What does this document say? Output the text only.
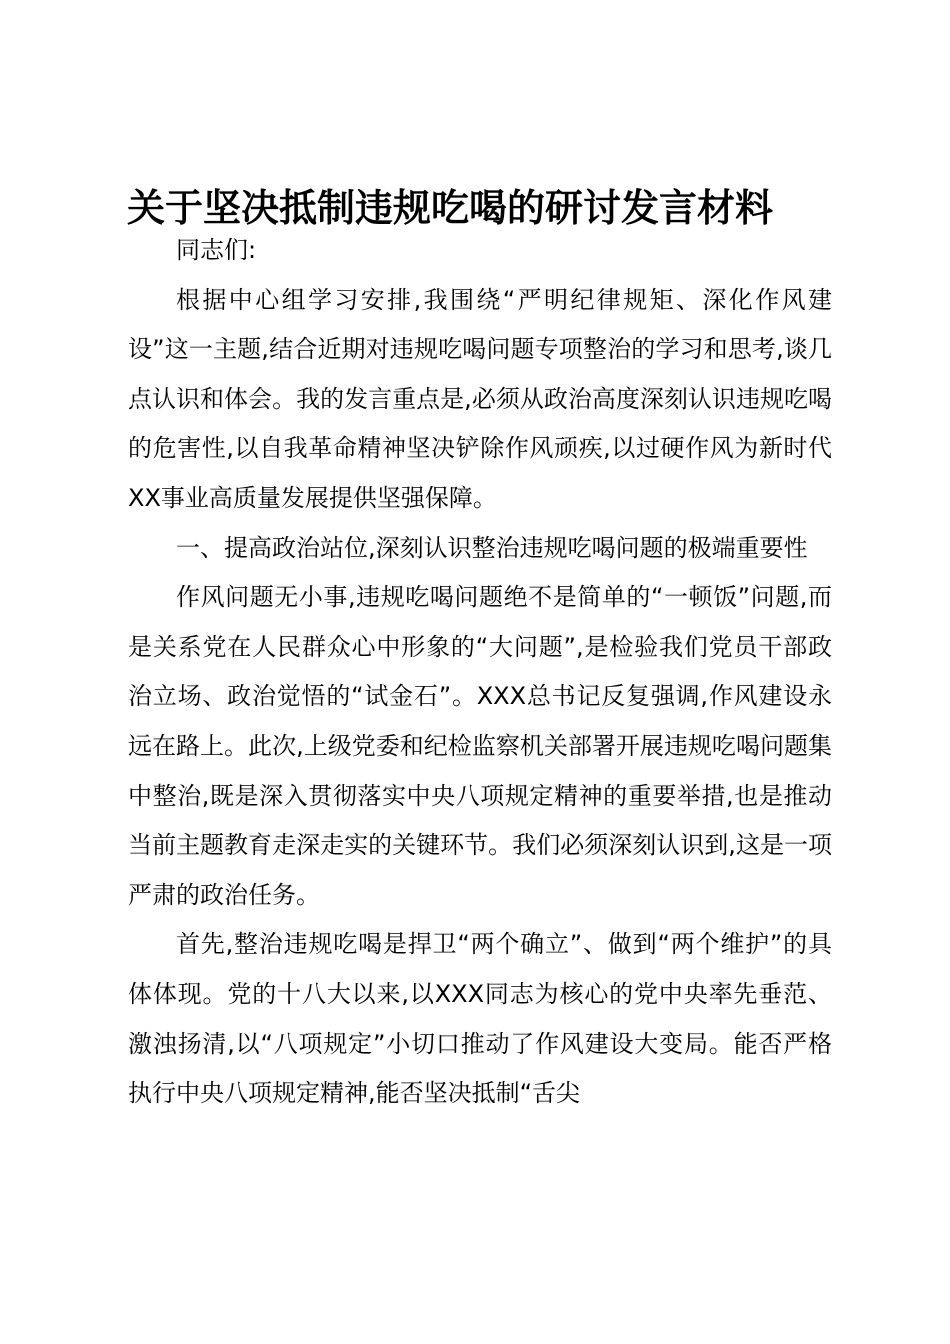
关于坚决抵制违规吃喝的研讨发言材料

同志们:

根据中心组学习安排,我围绕“严明纪律规矩、深化作风建设”这一主题,结合近期对违规吃喝问题专项整治的学习和思考,谈几点认识和体会。我的发言重点是,必须从政治高度深刻认识违规吃喝的危害性,以自我革命精神坚决铲除作风顽疾,以过硬作风为新时代XX事业高质量发展提供坚强保障。

一、提高政治站位,深刻认识整治违规吃喝问题的极端重要性

作风问题无小事,违规吃喝问题绝不是简单的“一顿饭”问题,而是关系党在人民群众心中形象的“大问题”,是检验我们党员干部政治立场、政治觉悟的“试金石”。XXX总书记反复强调,作风建设永远在路上。此次,上级党委和纪检监察机关部署开展违规吃喝问题集中整治,既是深入贯彻落实中央八项规定精神的重要举措,也是推动当前主题教育走深走实的关键环节。我们必须深刻认识到,这是一项严肃的政治任务。

首先,整治违规吃喝是捍卫“两个确立”、做到“两个维护”的具体体现。党的十八大以来,以XXX同志为核心的党中央率先垂范、激浊扬清,以“八项规定”小切口推动了作风建设大变局。能否严格执行中央八项规定精神,能否坚决抵制“舌尖
